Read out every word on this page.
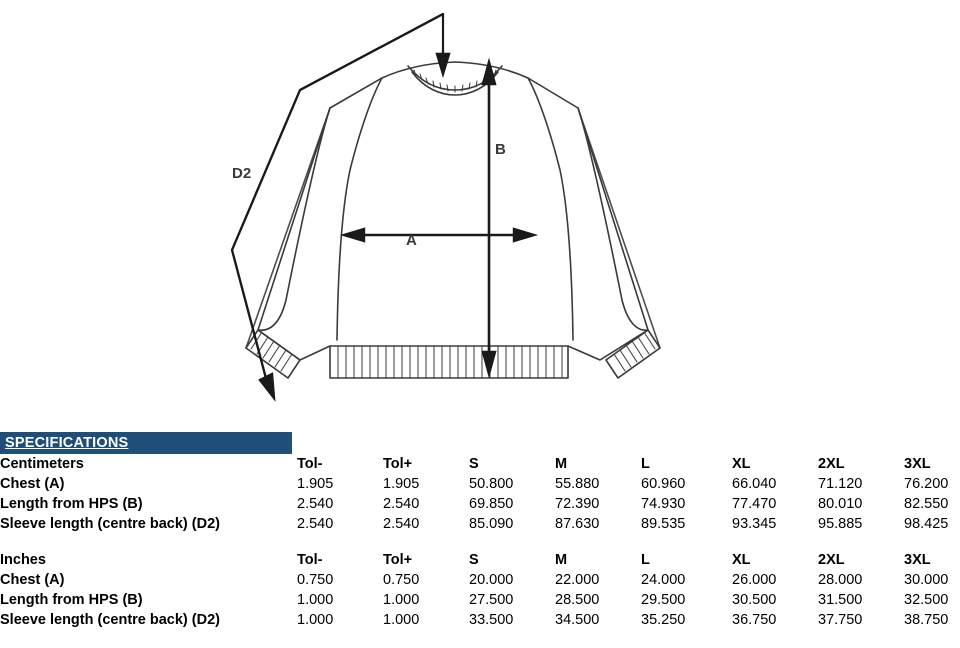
D2
B
A
SPECIFICATIONS
Centimeters	Tol-	Tol+	S	M	L	XL	2XL	3XL
Chest (A)	1.905	1.905	50.800	55.880	60.960	66.040	71.120	76.200
Length from HPS (B)	2.540	2.540	69.850	72.390	74.930	77.470	80.010	82.550
Sleeve length (centre back) (D2)	2.540	2.540	85.090	87.630	89.535	93.345	95.885	98.425

Inches	Tol-	Tol+	S	M	L	XL	2XL	3XL
Chest (A)	0.750	0.750	20.000	22.000	24.000	26.000	28.000	30.000
Length from HPS (B)	1.000	1.000	27.500	28.500	29.500	30.500	31.500	32.500
Sleeve length (centre back) (D2)	1.000	1.000	33.500	34.500	35.250	36.750	37.750	38.750
